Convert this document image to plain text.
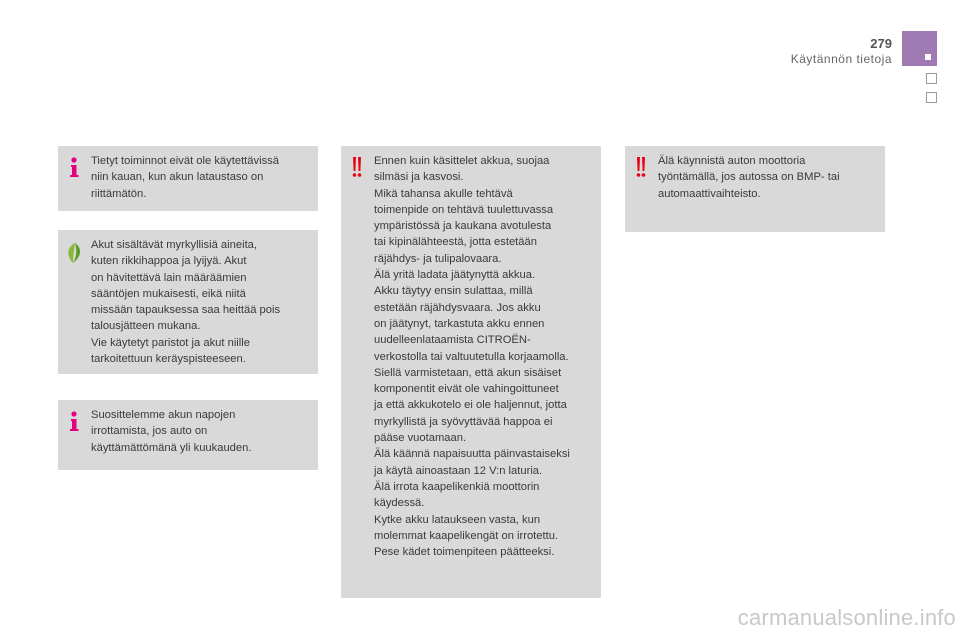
279
Käytännön tietoja
Tietyt toiminnot eivät ole käytettävissä
niin kauan, kun akun lataustaso on
riittämätön.
Akut sisältävät myrkyllisiä aineita,
kuten rikkihappoa ja lyijyä. Akut
on hävitettävä lain määräämien
sääntöjen mukaisesti, eikä niitä
missään tapauksessa saa heittää pois
talousjätteen mukana.
Vie käytetyt paristot ja akut niille
tarkoitettuun keräyspisteeseen.
Suosittelemme akun napojen
irrottamista, jos auto on
käyttämättömänä yli kuukauden.
Ennen kuin käsittelet akkua, suojaa
silmäsi ja kasvosi.
Mikä tahansa akulle tehtävä
toimenpide on tehtävä tuulettuvassa
ympäristössä ja kaukana avotulesta
tai kipinälähteestä, jotta estetään
räjähdys- ja tulipalovaara.
Älä yritä ladata jäätynyttä akkua.
Akku täytyy ensin sulattaa, millä
estetään räjähdysvaara. Jos akku
on jäätynyt, tarkastuta akku ennen
uudelleenlataamista CITROËN-
verkostolla tai valtuutetulla korjaamolla.
Siellä varmistetaan, että akun sisäiset
komponentit eivät ole vahingoittuneet
ja että akkukotelo ei ole haljennut, jotta
myrkyllistä ja syövyttävää happoa ei
pääse vuotamaan.
Älä käännä napaisuutta päinvastaiseksi
ja käytä ainoastaan 12 V:n laturia.
Älä irrota kaapelikenkiä moottorin
käydessä.
Kytke akku lataukseen vasta, kun
molemmat kaapelikengät on irrotettu.
Pese kädet toimenpiteen päätteeksi.
Älä käynnistä auton moottoria
työntämällä, jos autossa on BMP- tai
automaattivaihteisto.
carmanualsonline.info
